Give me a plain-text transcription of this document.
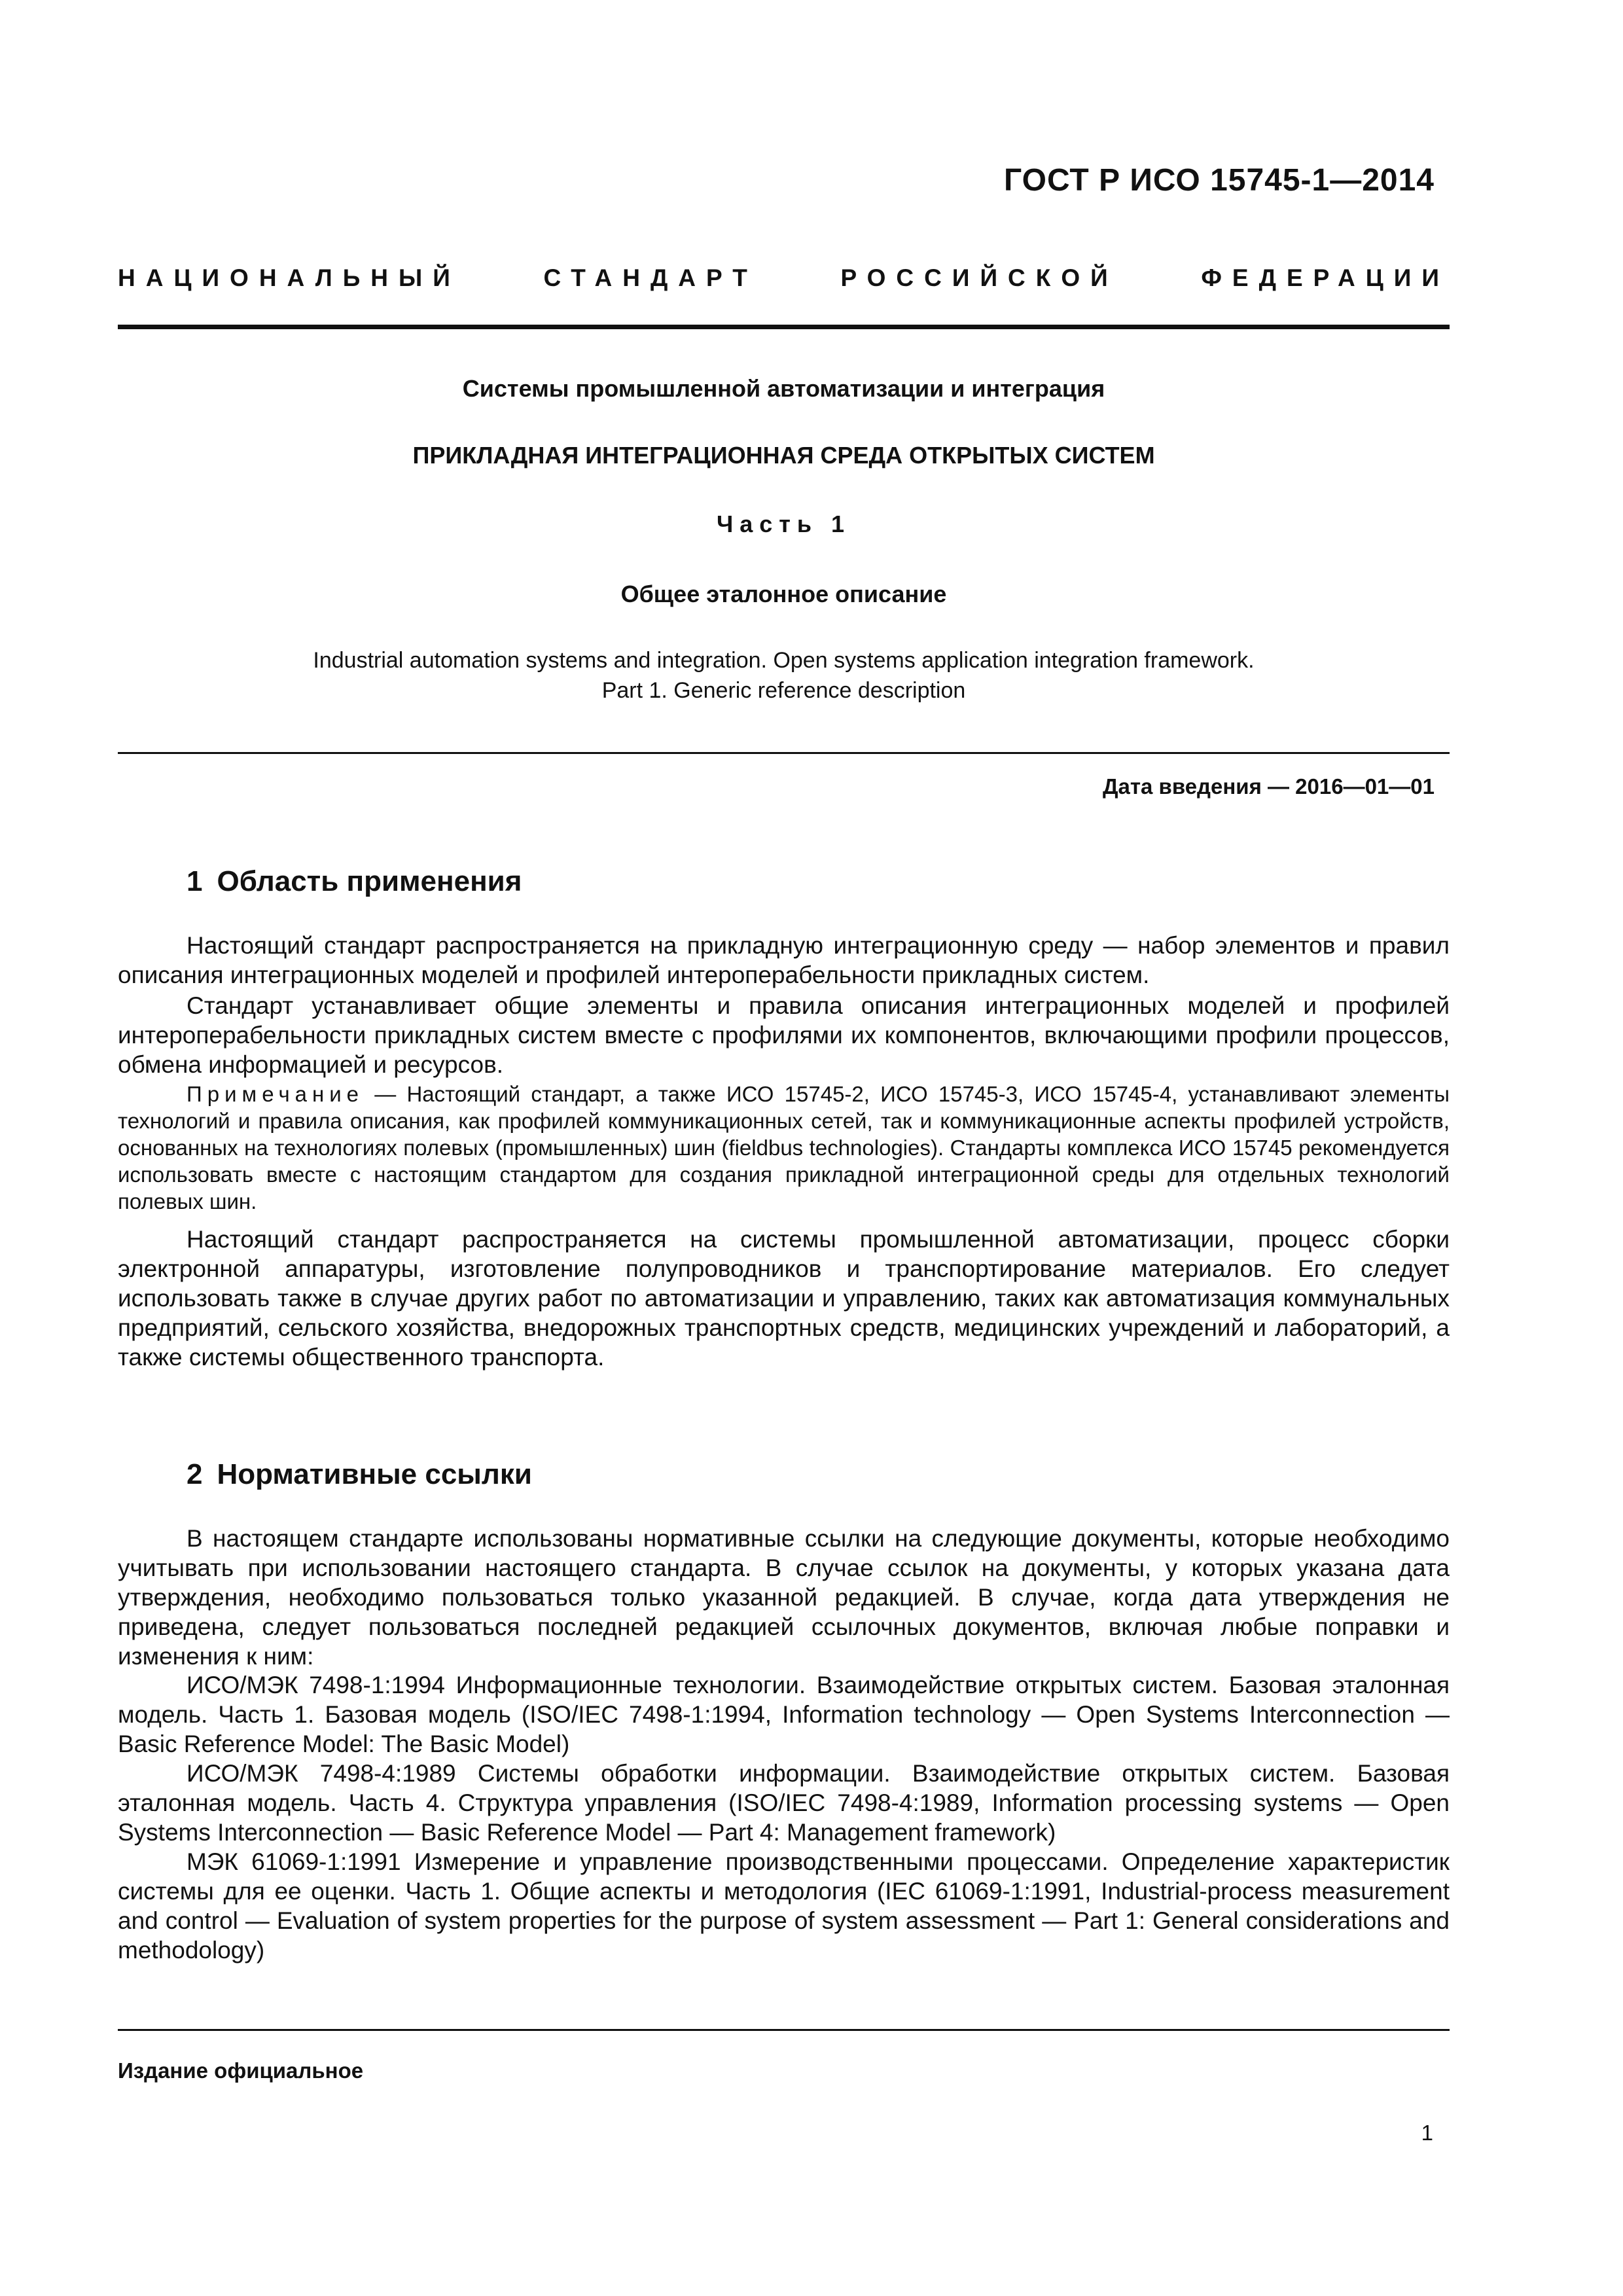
ГОСТ Р ИСО 15745-1—2014
НАЦИОНАЛЬНЫЙ	СТАНДАРТ	РОССИЙСКОЙ	ФЕДЕРАЦИИ
Системы промышленной автоматизации и интеграция
ПРИКЛАДНАЯ ИНТЕГРАЦИОННАЯ СРЕДА ОТКРЫТЫХ СИСТЕМ
Часть 1
Общее эталонное описание
Industrial automation systems and integration. Open systems application integration framework.
Part 1. Generic reference description
Дата введения — 2016—01—01
1 Область применения
Настоящий стандарт распространяется на прикладную интеграционную среду — набор элементов и правил описания интеграционных моделей и профилей интероперабельности прикладных систем.
Стандарт устанавливает общие элементы и правила описания интеграционных моделей и профилей интероперабельности прикладных систем вместе с профилями их компонентов, включающими профили процессов, обмена информацией и ресурсов.
Примечание — Настоящий стандарт, а также ИСО 15745-2, ИСО 15745-3, ИСО 15745-4, устанавливают элементы технологий и правила описания, как профилей коммуникационных сетей, так и коммуникационные аспекты профилей устройств, основанных на технологиях полевых (промышленных) шин (fieldbus technologies). Стандарты комплекса ИСО 15745 рекомендуется использовать вместе с настоящим стандартом для создания прикладной интеграционной среды для отдельных технологий полевых шин.
Настоящий стандарт распространяется на системы промышленной автоматизации, процесс сборки электронной аппаратуры, изготовление полупроводников и транспортирование материалов. Его следует использовать также в случае других работ по автоматизации и управлению, таких как автоматизация коммунальных предприятий, сельского хозяйства, внедорожных транспортных средств, медицинских учреждений и лабораторий, а также системы общественного транспорта.
2 Нормативные ссылки
В настоящем стандарте использованы нормативные ссылки на следующие документы, которые необходимо учитывать при использовании настоящего стандарта. В случае ссылок на документы, у которых указана дата утверждения, необходимо пользоваться только указанной редакцией. В случае, когда дата утверждения не приведена, следует пользоваться последней редакцией ссылочных документов, включая любые поправки и изменения к ним:
ИСО/МЭК 7498-1:1994 Информационные технологии. Взаимодействие открытых систем. Базовая эталонная модель. Часть 1. Базовая модель (ISO/IEC 7498-1:1994, Information technology — Open Systems Interconnection — Basic Reference Model: The Basic Model)
ИСО/МЭК 7498-4:1989 Системы обработки информации. Взаимодействие открытых систем. Базовая эталонная модель. Часть 4. Структура управления (ISO/IEC 7498-4:1989, Information processing systems — Open Systems Interconnection — Basic Reference Model — Part 4: Management framework)
МЭК 61069-1:1991 Измерение и управление производственными процессами. Определение характеристик системы для ее оценки. Часть 1. Общие аспекты и методология (IEC 61069-1:1991, Industrial-process measurement and control — Evaluation of system properties for the purpose of system assessment — Part 1: General considerations and methodology)
Издание официальное
1
